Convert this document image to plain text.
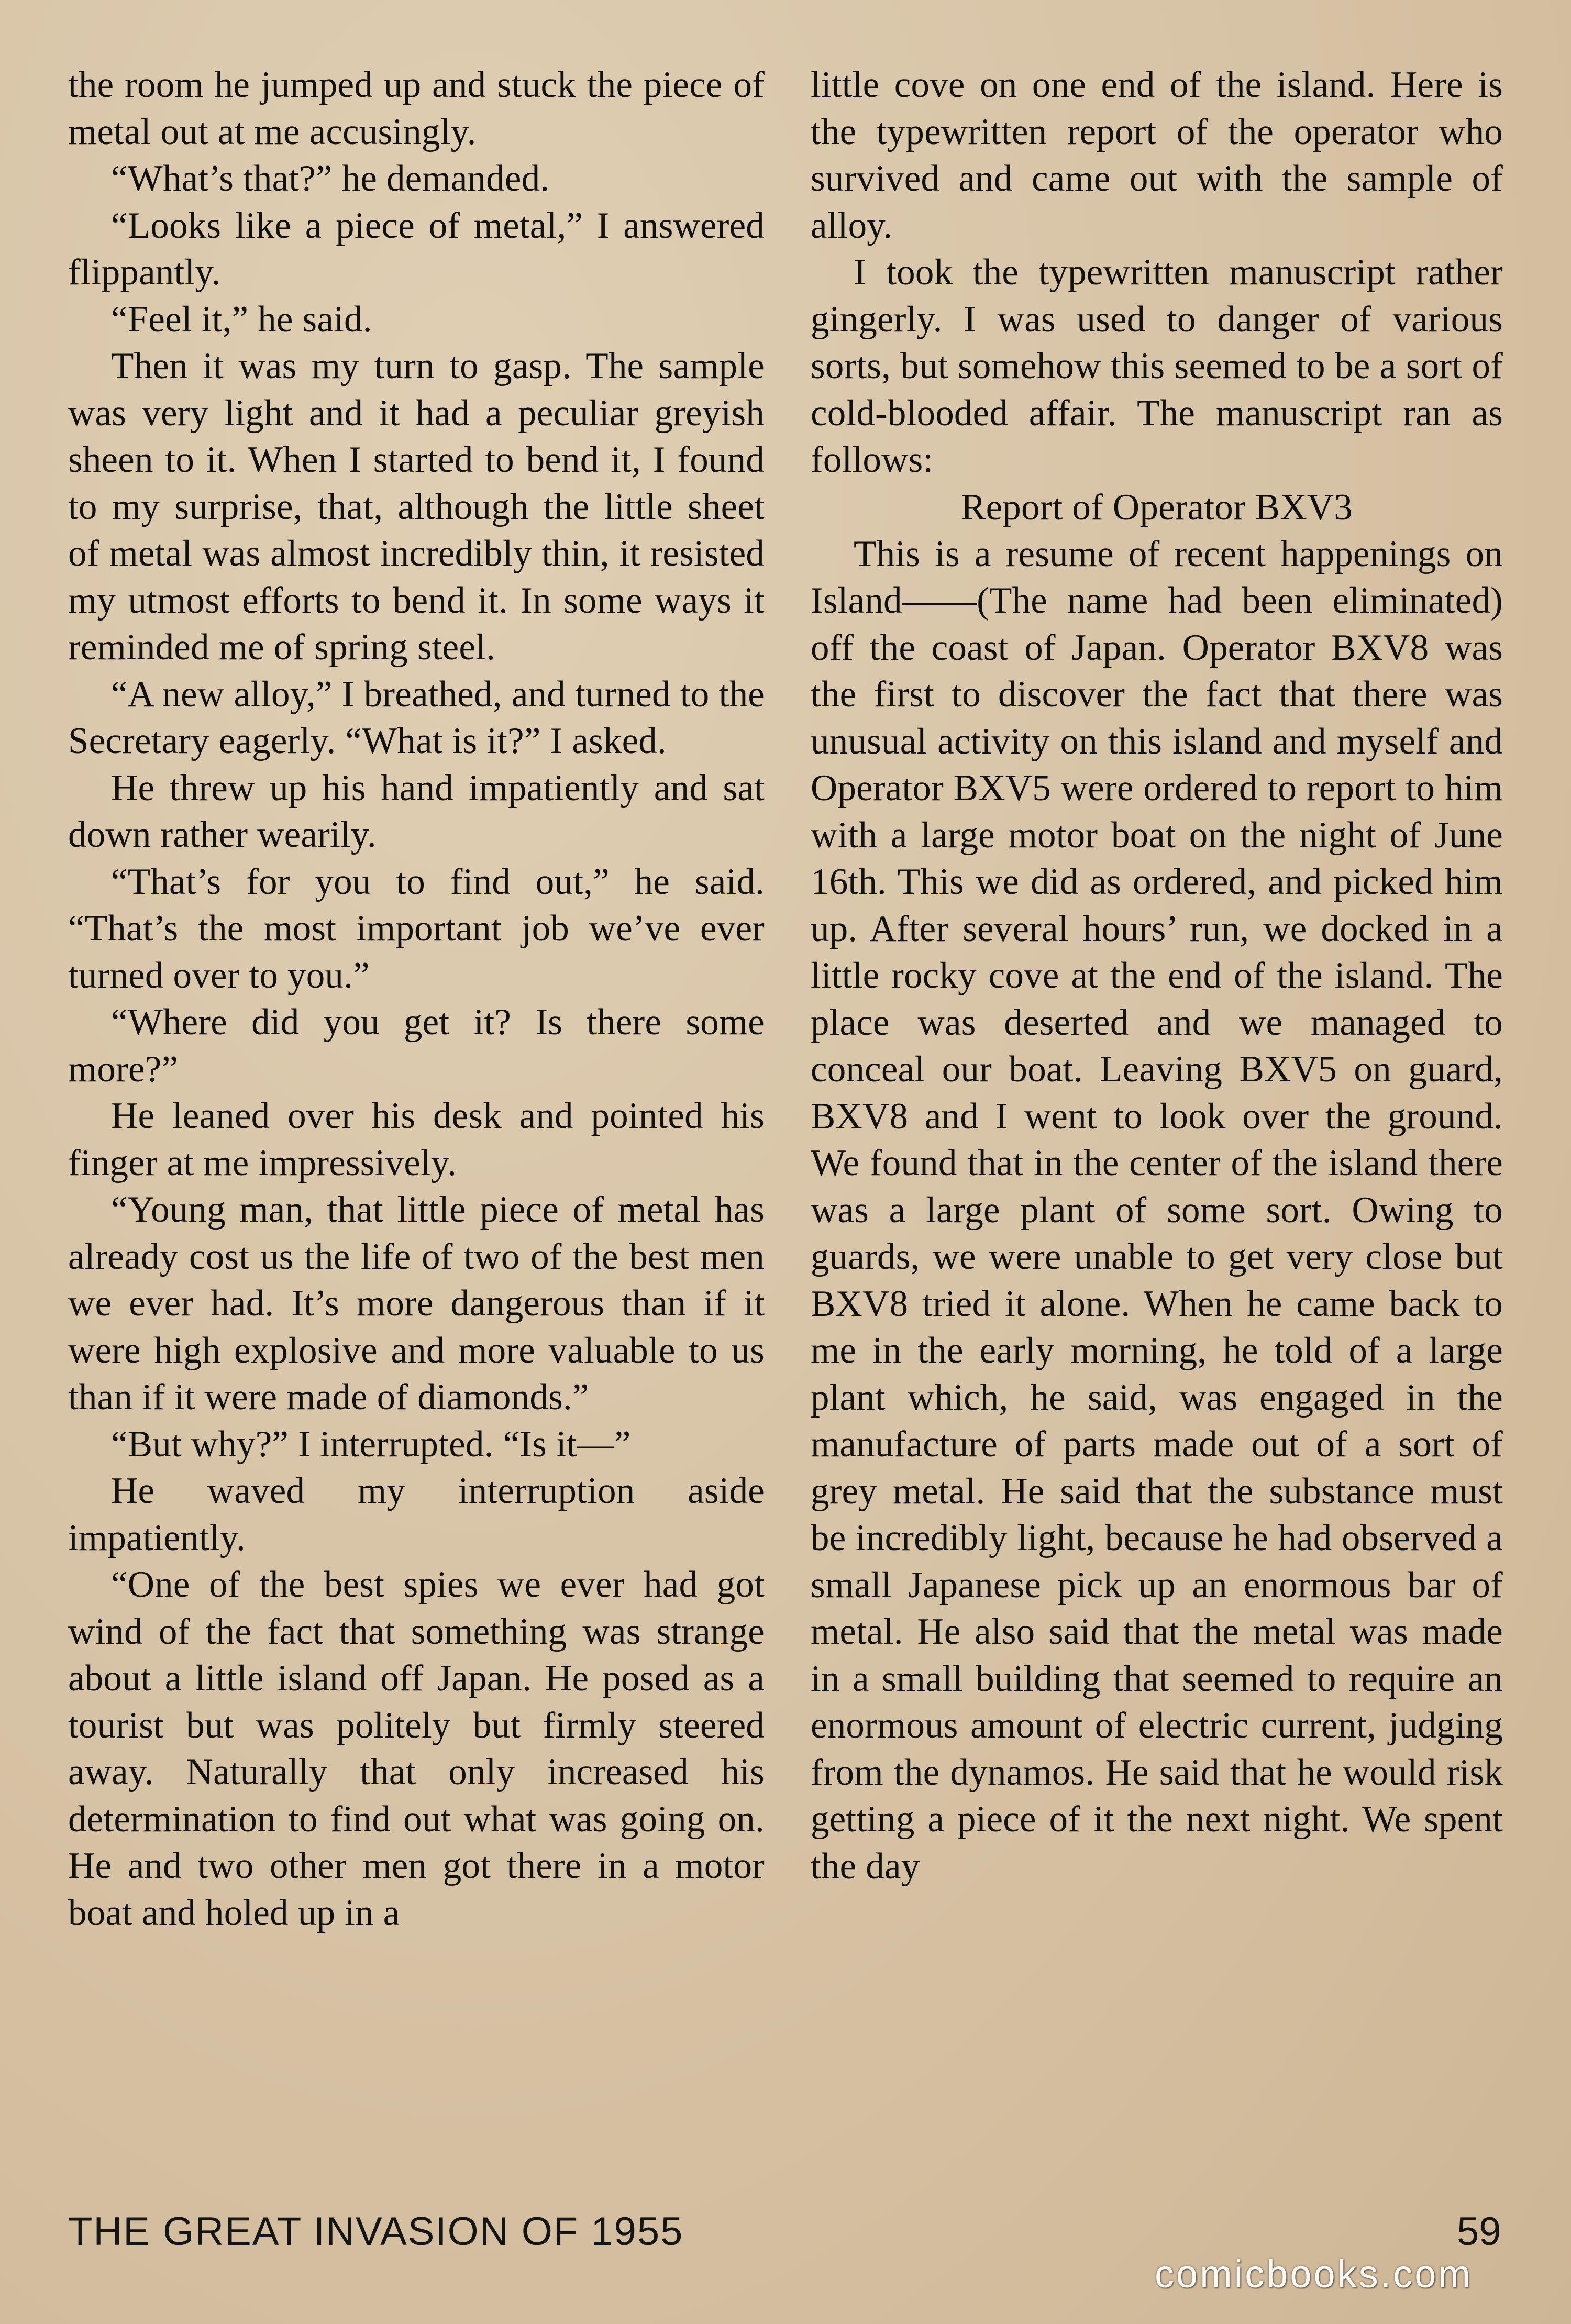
the room he jumped up and stuck the piece of metal out at me accusingly.

“What’s that?” he demanded.

“Looks like a piece of metal,” I answered flippantly.

“Feel it,” he said.

Then it was my turn to gasp. The sample was very light and it had a peculiar greyish sheen to it. When I started to bend it, I found to my surprise, that, although the little sheet of metal was almost incredibly thin, it resisted my utmost efforts to bend it. In some ways it reminded me of spring steel.

“A new alloy,” I breathed, and turned to the Secretary eagerly. “What is it?” I asked.

He threw up his hand impatiently and sat down rather wearily.

“That’s for you to find out,” he said. “That’s the most important job we’ve ever turned over to you.”

“Where did you get it? Is there some more?”

He leaned over his desk and pointed his finger at me impressively.

“Young man, that little piece of metal has already cost us the life of two of the best men we ever had. It’s more dangerous than if it were high explosive and more valuable to us than if it were made of diamonds.”

“But why?” I interrupted. “Is it—”

He waved my interruption aside impatiently.

“One of the best spies we ever had got wind of the fact that something was strange about a little island off Japan. He posed as a tourist but was politely but firmly steered away. Naturally that only increased his determination to find out what was going on. He and two other men got there in a motor boat and holed up in a

little cove on one end of the island. Here is the typewritten report of the operator who survived and came out with the sample of alloy.

I took the typewritten manuscript rather gingerly. I was used to danger of various sorts, but somehow this seemed to be a sort of cold-blooded affair. The manuscript ran as follows:

Report of Operator BXV3

This is a resume of recent happenings on Island——(The name had been eliminated) off the coast of Japan. Operator BXV8 was the first to discover the fact that there was unusual activity on this island and myself and Operator BXV5 were ordered to report to him with a large motor boat on the night of June 16th. This we did as ordered, and picked him up. After several hours’ run, we docked in a little rocky cove at the end of the island. The place was deserted and we managed to conceal our boat. Leaving BXV5 on guard, BXV8 and I went to look over the ground. We found that in the center of the island there was a large plant of some sort. Owing to guards, we were unable to get very close but BXV8 tried it alone. When he came back to me in the early morning, he told of a large plant which, he said, was engaged in the manufacture of parts made out of a sort of grey metal. He said that the substance must be incredibly light, because he had observed a small Japanese pick up an enormous bar of metal. He also said that the metal was made in a small building that seemed to require an enormous amount of electric current, judging from the dynamos. He said that he would risk getting a piece of it the next night. We spent the day

THE GREAT INVASION OF 1955	59
comicbooks.com
